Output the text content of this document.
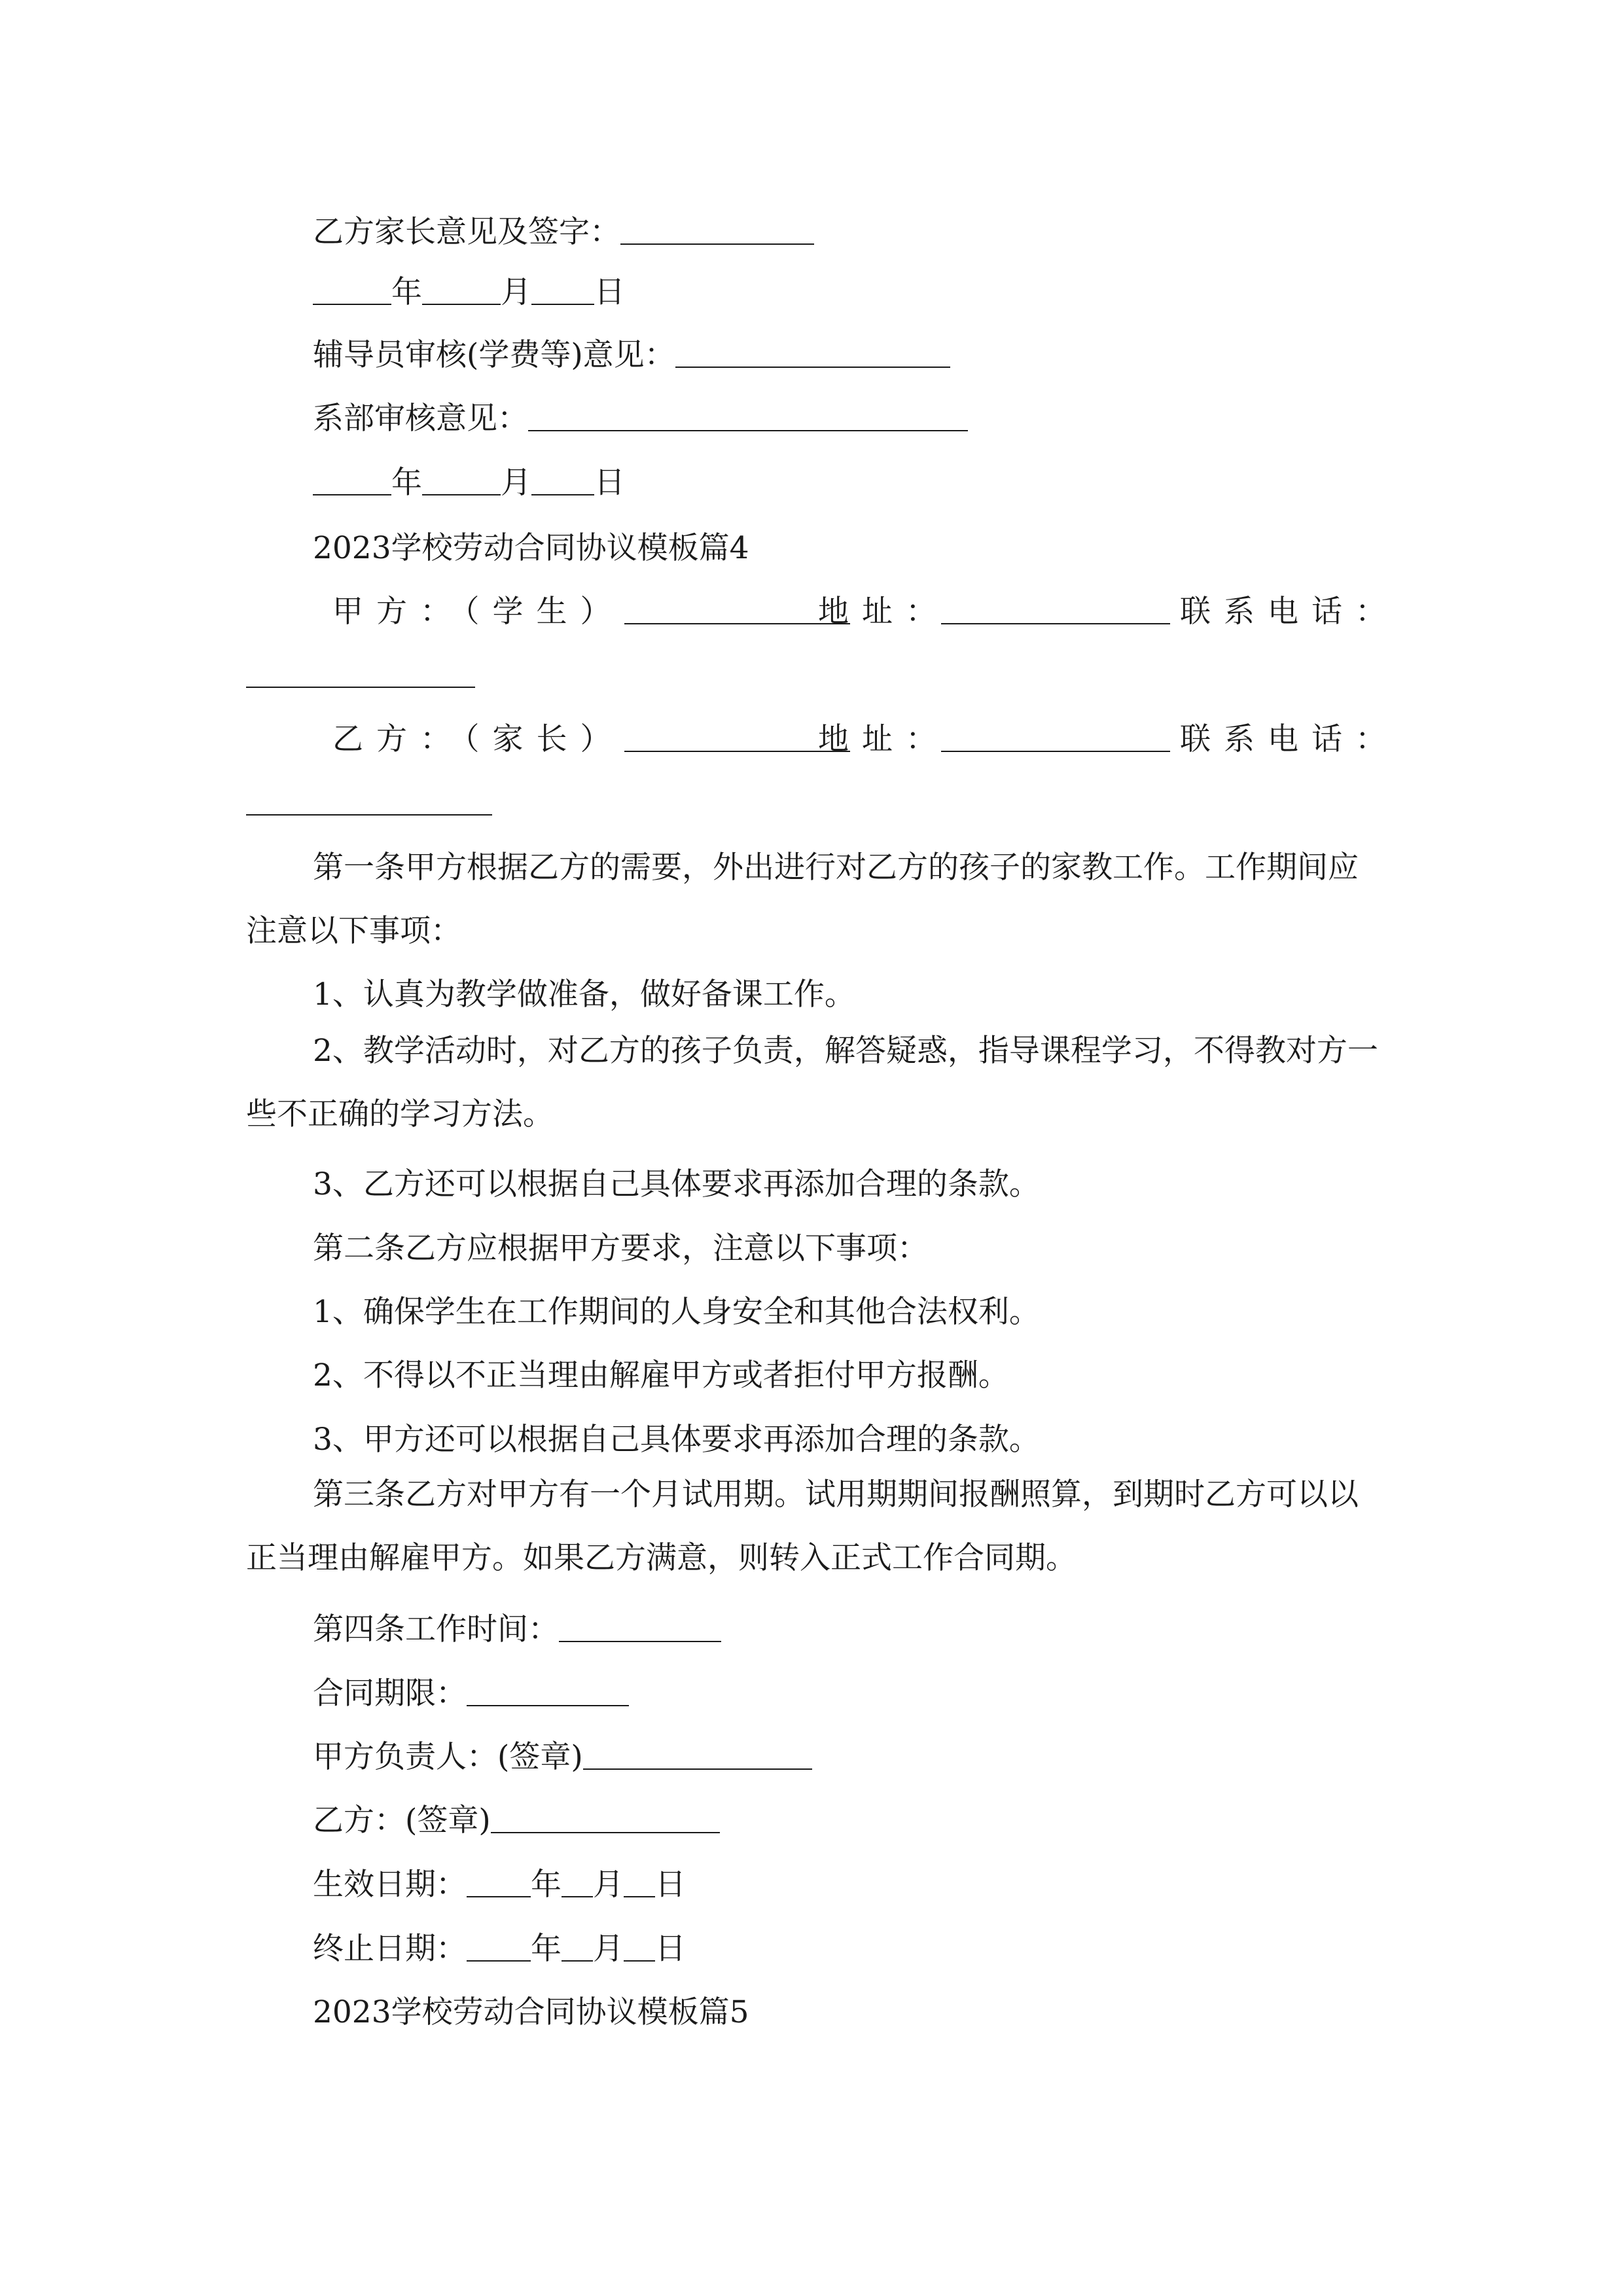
乙方家长意见及签字：
年	月 日
辅导员审核(学费等)意见：
系部审核意见：
年	月 日
2023学校劳动合同协议模板篇4
甲方：（学生）	地址：	联系电话：
乙方：（家长）	地址：	联系电话：
第一条甲方根据乙方的需要，外出进行对乙方的孩子的家教工作。工作期间应注意以下事项：
1、认真为教学做准备，做好备课工作。
2、教学活动时，对乙方的孩子负责，解答疑惑，指导课程学习，不得教对方一些不正确的学习方法。
3、乙方还可以根据自己具体要求再添加合理的条款。
第二条乙方应根据甲方要求，注意以下事项：
1、确保学生在工作期间的人身安全和其他合法权利。
2、不得以不正当理由解雇甲方或者拒付甲方报酬。
3、甲方还可以根据自己具体要求再添加合理的条款。
第三条乙方对甲方有一个月试用期。试用期期间报酬照算，到期时乙方可以以正当理由解雇甲方。如果乙方满意，则转入正式工作合同期。
第四条工作时间：
合同期限：
甲方负责人：(签章)
乙方：(签章)
生效日期： 年 月 日
终止日期： 年 月 日
2023学校劳动合同协议模板篇5
